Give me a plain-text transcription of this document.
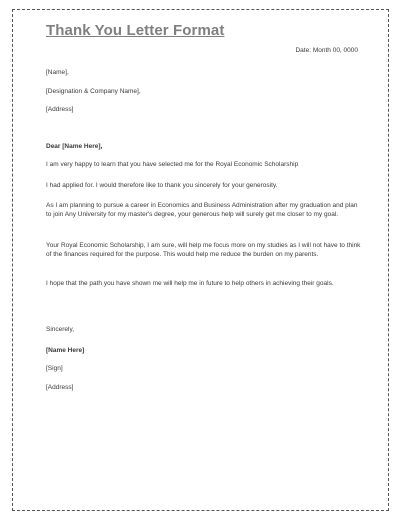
Thank You Letter Format
Date: Month 00, 0000
[Name],
[Designation & Company Name],
[Address]
Dear [Name Here],
I am very happy to learn that you have selected me for the Royal Economic Scholarship
I had applied for. I would therefore like to thank you sincerely for your generosity.
As I am planning to pursue a career in Economics and Business Administration after my graduation and plan to join Any University for my master's degree, your generous help will surely get me closer to my goal.
Your Royal Economic Scholarship, I am sure, will help me focus more on my studies as I will not have to think of the finances required for the purpose. This would help me reduce the burden on my parents.
I hope that the path you have shown me will help me in future to help others in achieving their goals.
Sincerely,
[Name Here]
[Sign]
[Address]
